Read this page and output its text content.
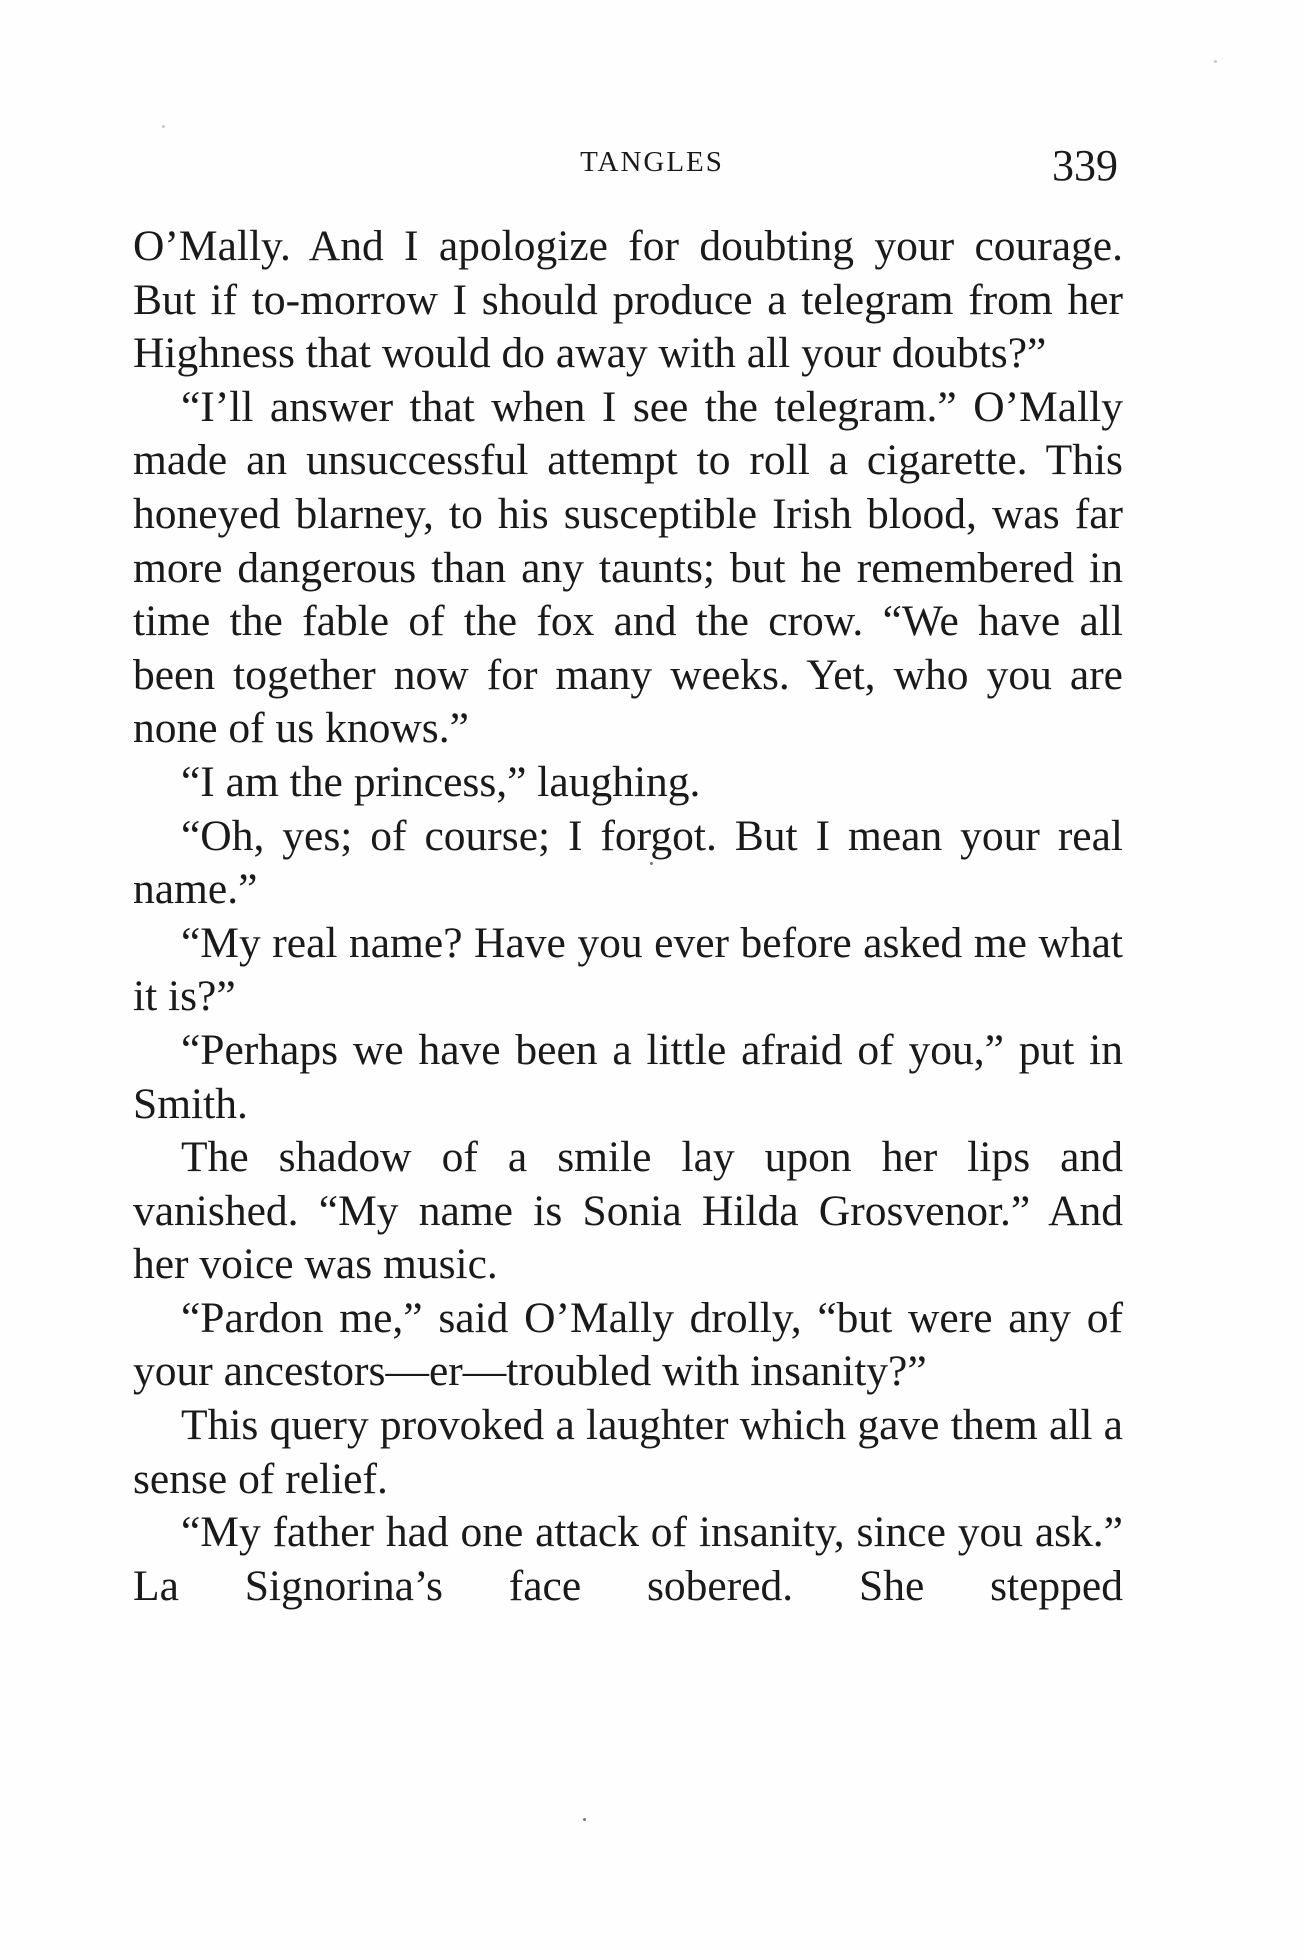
TANGLES	339

O’Mally. And I apologize for doubting your courage. But if to-morrow I should produce a telegram from her Highness that would do away with all your doubts?”

“I’ll answer that when I see the telegram.” O’Mally made an unsuccessful attempt to roll a cigarette. This honeyed blarney, to his susceptible Irish blood, was far more dangerous than any taunts; but he remembered in time the fable of the fox and the crow. “We have all been together now for many weeks. Yet, who you are none of us knows.”

“I am the princess,” laughing.

“Oh, yes; of course; I forgot. But I mean your real name.”

“My real name? Have you ever before asked me what it is?”

“Perhaps we have been a little afraid of you,” put in Smith.

The shadow of a smile lay upon her lips and vanished. “My name is Sonia Hilda Grosvenor.” And her voice was music.

“Pardon me,” said O’Mally drolly, “but were any of your ancestors—er—troubled with insanity?”

This query provoked a laughter which gave them all a sense of relief.

“My father had one attack of insanity, since you ask.” La Signorina’s face sobered. She stepped
